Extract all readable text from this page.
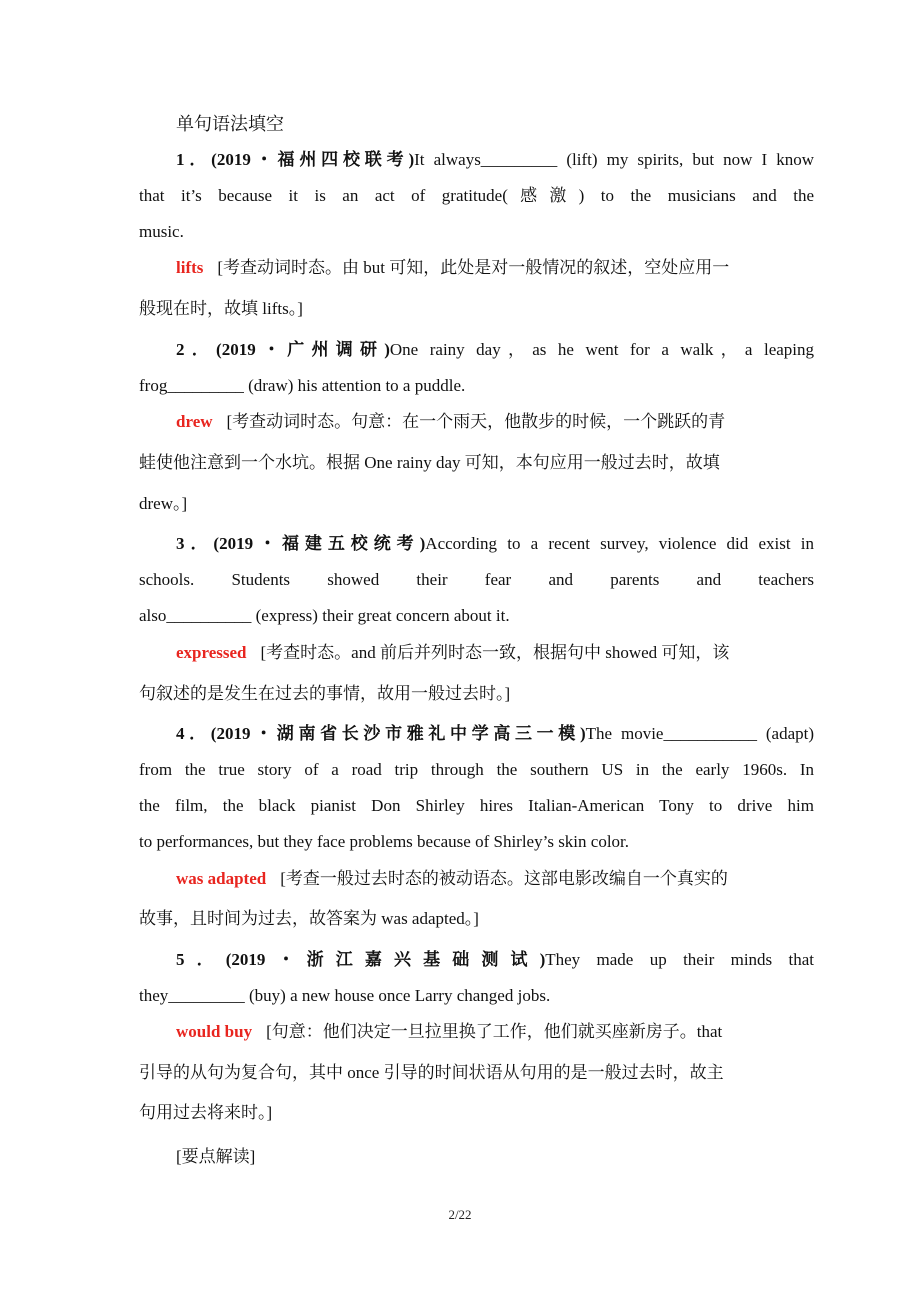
单句语法填空
1．(2019・福州四校联考)It always_________ (lift) my spirits, but now I know
that it’s because it is an act of gratitude(感激) to the musicians and the
music.
lifts [考查动词时态。由 but 可知，此处是对一般情况的叙述，空处应用一
般现在时，故填 lifts。]
2．(2019・广州调研)One rainy day，as he went for a walk，a leaping
frog_________ (draw) his attention to a puddle.
drew [考查动词时态。句意：在一个雨天，他散步的时候，一个跳跃的青
蛙使他注意到一个水坑。根据 One rainy day 可知，本句应用一般过去时，故填
drew。]
3．(2019・福建五校统考)According to a recent survey, violence did exist in
schools. Students showed their fear and parents and teachers
also__________ (express) their great concern about it.
expressed [考查时态。and 前后并列时态一致，根据句中 showed 可知，该
句叙述的是发生在过去的事情，故用一般过去时。]
4．(2019・湖南省长沙市雅礼中学高三一模)The movie___________ (adapt)
from the true story of a road trip through the southern US in the early 1960s. In
the film, the black pianist Don Shirley hires Italian-American Tony to drive him
to performances, but they face problems because of Shirley’s skin color.
was adapted [考查一般过去时态的被动语态。这部电影改编自一个真实的
故事，且时间为过去，故答案为 was adapted。]
5．(2019・浙江嘉兴基础测试)They made up their minds that
they_________ (buy) a new house once Larry changed jobs.
would buy [句意：他们决定一旦拉里换了工作，他们就买座新房子。that
引导的从句为复合句，其中 once 引导的时间状语从句用的是一般过去时，故主
句用过去将来时。]
[要点解读]
2/22
